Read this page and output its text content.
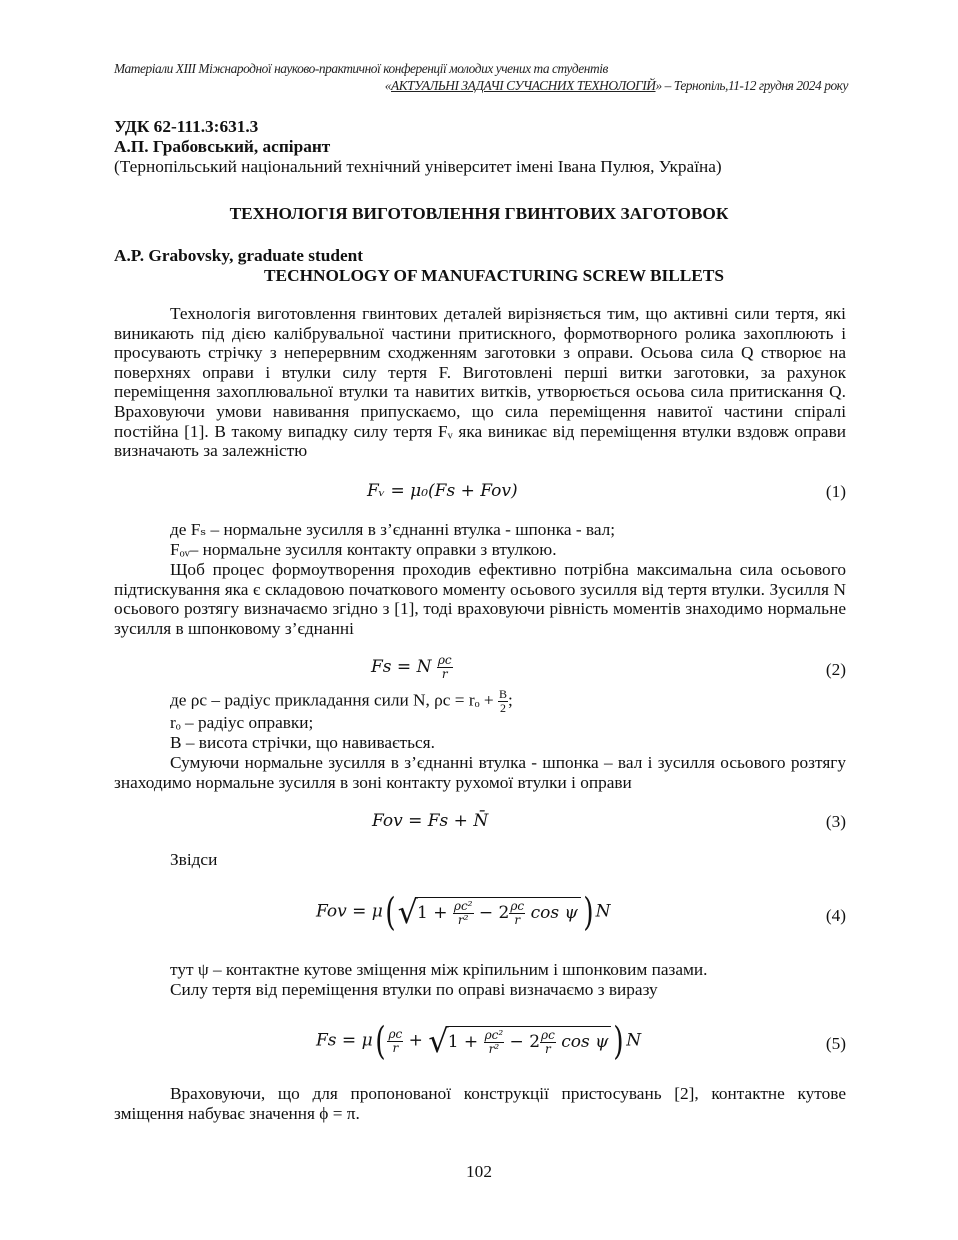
Матеріали XIII Міжнародної науково-практичної конференції молодих учених та студентів
«АКТУАЛЬНІ ЗАДАЧІ СУЧАСНИХ ТЕХНОЛОГІЙ» – Тернопіль,11-12 грудня 2024 року
УДК 62-111.3:631.3
А.П. Грабовський, аспірант
(Тернопільський національний технічний університет імені Івана Пулюя, Україна)
ТЕХНОЛОГІЯ ВИГОТОВЛЕННЯ ГВИНТОВИХ ЗАГОТОВОК
A.P. Grabovsky, graduate student
TECHNOLOGY OF MANUFACTURING SCREW BILLETS
Технологія виготовлення гвинтових деталей вирізняється тим, що активні сили тертя, які виникають під дією калібрувальної частини притискного, формотворного ролика захоплюють і просувають стрічку з неперервним сходженням заготовки з оправи. Осьова сила Q створює на поверхнях оправи і втулки силу тертя F. Виготовлені перші витки заготовки, за рахунок переміщення захоплювальної втулки та навитих витків, утворюється осьова сила притискання Q. Враховуючи умови навивання припускаємо, що сила переміщення навитої частини спіралі постійна [1]. В такому випадку силу тертя Fᵥ яка виникає від переміщення втулки вздовж оправи визначають за залежністю
Fᵥ = μ₀(Fs + Fov)	(1)
де Fₛ – нормальне зусилля в з’єднанні втулка - шпонка - вал;
Fₒᵥ– нормальне зусилля контакту оправки з втулкою.
Щоб процес формоутворення проходив ефективно потрібна максимальна сила осьового підтискування яка є складовою початкового моменту осьового зусилля від тертя втулки. Зусилля N осьового розтягу визначаємо згідно з [1], тоді враховуючи рівність моментів знаходимо нормальне зусилля в шпонковому з’єднанні
Fs = N $\frac{\rho c}{r}$	(2)
де ρc – радіус прикладання сили N, $\rho c = r_o + \frac{B}{2}$ ;
rₒ – радіус оправки;
B – висота стрічки, що навивається.
Сумуючи нормальне зусилля в з’єднанні втулка - шпонка – вал і зусилля осьового розтягу знаходимо нормальне зусилля в зоні контакту рухомої втулки і оправи
Fov = Fs + N̄	(3)
Звідси
Fov = $\mu(√1 + \frac{\text{ρc²}}{\text{r²}} - 2 \frac{\rho c}{r}$ cos ψ ) N	(4)
тут ψ – контактне кутове зміщення між кріпильним і шпонковим пазами.
Силу тертя від переміщення втулки по оправі визначаємо з виразу
$Fs = \mu( \frac{\rho c}{r} + √1 + \frac{\text{ρc²}}{\text{r²}} - 2 \frac{\rho c}{r}$ cos ψ ) N	(5)
Враховуючи, що для пропонованої конструкції пристосувань [2], контактне кутове зміщення набуває значення ϕ = π.
102
